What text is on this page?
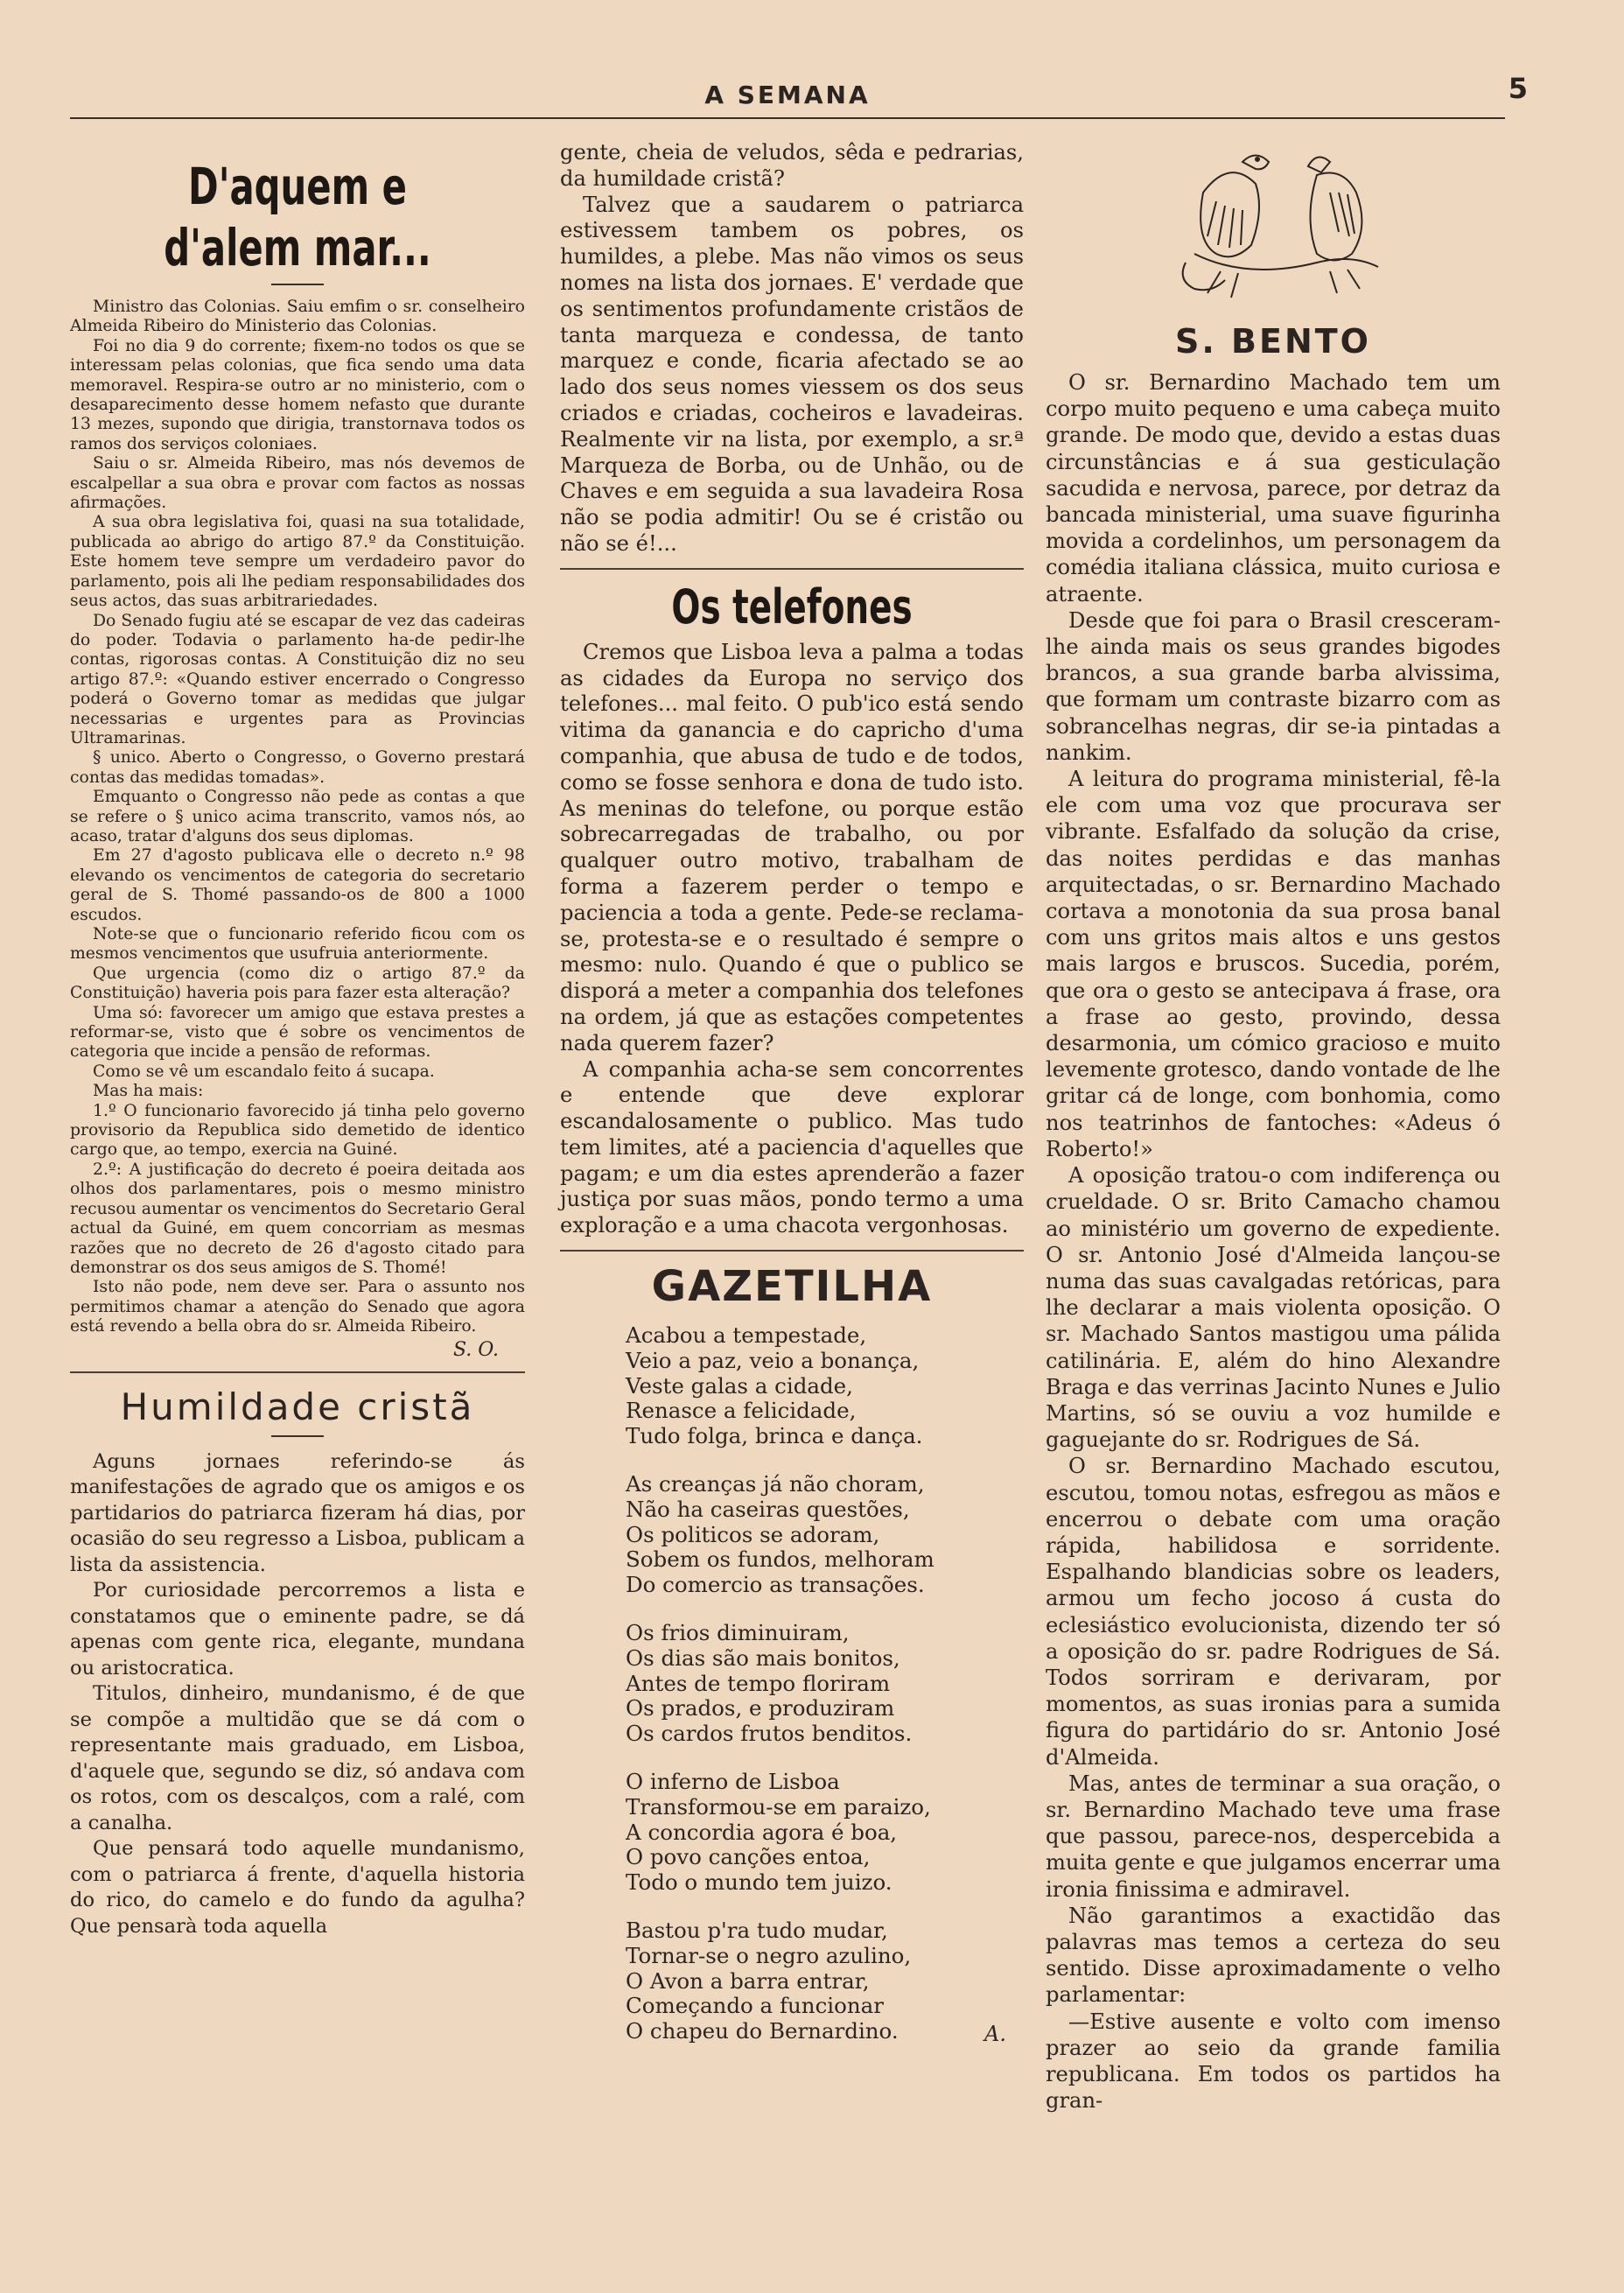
A SEMANA	5
D'aquem e d'alem mar...

Ministro das Colonias. Saiu emfim o sr. conselheiro Almeida Ribeiro do Ministerio das Colonias.

Foi no dia 9 do corrente; fixem-no todos os que se interessam pelas colonias, que fica sendo uma data memoravel. Respira-se outro ar no ministerio, com o desaparecimento desse homem nefasto que durante 13 mezes, supondo que dirigia, transtornava todos os ramos dos serviços coloniaes.

Saiu o sr. Almeida Ribeiro, mas nós devemos de escalpellar a sua obra e provar com factos as nossas afirmações.

A sua obra legislativa foi, quasi na sua totalidade, publicada ao abrigo do artigo 87.º da Constituição. Este homem teve sempre um verdadeiro pavor do parlamento, pois ali lhe pediam responsabilidades dos seus actos, das suas arbitrariedades.

Do Senado fugiu até se escapar de vez das cadeiras do poder. Todavia o parlamento ha-de pedir-lhe contas, rigorosas contas. A Constituição diz no seu artigo 87.º: «Quando estiver encerrado o Congresso poderá o Governo tomar as medidas que julgar necessarias e urgentes para as Provincias Ultramarinas.

§ unico. Aberto o Congresso, o Governo prestará contas das medidas tomadas».

Emquanto o Congresso não pede as contas a que se refere o § unico acima transcrito, vamos nós, ao acaso, tratar d'alguns dos seus diplomas.

Em 27 d'agosto publicava elle o decreto n.º 98 elevando os vencimentos de categoria do secretario geral de S. Thomé passando-os de 800 a 1000 escudos.

Note-se que o funcionario referido ficou com os mesmos vencimentos que usufruia anteriormente.

Que urgencia (como diz o artigo 87.º da Constituição) haveria pois para fazer esta alteração?

Uma só: favorecer um amigo que estava prestes a reformar-se, visto que é sobre os vencimentos de categoria que incide a pensão de reformas.

Como se vê um escandalo feito á sucapa.

Mas ha mais:

1.º O funcionario favorecido já tinha pelo governo provisorio da Republica sido demetido de identico cargo que, ao tempo, exercia na Guiné.

2.º: A justificação do decreto é poeira deitada aos olhos dos parlamentares, pois o mesmo ministro recusou aumentar os vencimentos do Secretario Geral actual da Guiné, em quem concorriam as mesmas razões que no decreto de 26 d'agosto citado para demonstrar os dos seus amigos de S. Thomé!

Isto não pode, nem deve ser. Para o assunto nos permitimos chamar a atenção do Senado que agora está revendo a bella obra do sr. Almeida Ribeiro.

S. O.
Humildade cristã

Aguns jornaes referindo-se ás manifestações de agrado que os amigos e os partidarios do patriarca fizeram há dias, por ocasião do seu regresso a Lisboa, publicam a lista da assistencia.

Por curiosidade percorremos a lista e constatamos que o eminente padre, se dá apenas com gente rica, elegante, mundana ou aristocratica.

Titulos, dinheiro, mundanismo, é de que se compõe a multidão que se dá com o representante mais graduado, em Lisboa, d'aquele que, segundo se diz, só andava com os rotos, com os descalços, com a ralé, com a canalha.

Que pensará todo aquelle mundanismo, com o patriarca á frente, d'aquella historia do rico, do camelo e do fundo da agulha? Que pensarà toda aquella

gente, cheia de veludos, sêda e pedrarias, da humildade cristã?

Talvez que a saudarem o patriarca estivessem tambem os pobres, os humildes, a plebe. Mas não vimos os seus nomes na lista dos jornaes. E' verdade que os sentimentos profundamente cristãos de tanta marqueza e condessa, de tanto marquez e conde, ficaria afectado se ao lado dos seus nomes viessem os dos seus criados e criadas, cocheiros e lavadeiras. Realmente vir na lista, por exemplo, a sr.ª Marqueza de Borba, ou de Unhão, ou de Chaves e em seguida a sua lavadeira Rosa não se podia admitir! Ou se é cristão ou não se é!...

Os telefones

Cremos que Lisboa leva a palma a todas as cidades da Europa no serviço dos telefones... mal feito. O pub'ico está sendo vitima da ganancia e do capricho d'uma companhia, que abusa de tudo e de todos, como se fosse senhora e dona de tudo isto. As meninas do telefone, ou porque estão sobrecarregadas de trabalho, ou por qualquer outro motivo, trabalham de forma a fazerem perder o tempo e paciencia a toda a gente. Pede-se reclama-se, protesta-se e o resultado é sempre o mesmo: nulo. Quando é que o publico se disporá a meter a companhia dos telefones na ordem, já que as estações competentes nada querem fazer?

A companhia acha-se sem concorrentes e entende que deve explorar escandalosamente o publico. Mas tudo tem limites, até a paciencia d'aquelles que pagam; e um dia estes aprenderão a fazer justiça por suas mãos, pondo termo a uma exploração e a uma chacota vergonhosas.

GAZETILHA
Acabou a tempestade,
Veio a paz, veio a bonança,
Veste galas a cidade,
Renasce a felicidade,
Tudo folga, brinca e dança.
As creanças já não choram,
Não ha caseiras questões,
Os politicos se adoram,
Sobem os fundos, melhoram
Do comercio as transações.
Os frios diminuiram,
Os dias são mais bonitos,
Antes de tempo floriram
Os prados, e produziram
Os cardos frutos benditos.
O inferno de Lisboa
Transformou-se em paraizo,
A concordia agora é boa,
O povo canções entoa,
Todo o mundo tem juizo.
Bastou p'ra tudo mudar,
Tornar-se o negro azulino,
O Avon a barra entrar,
Começando a funcionar
O chapeu do Bernardino.	A.
S. BENTO

O sr. Bernardino Machado tem um corpo muito pequeno e uma cabeça muito grande. De modo que, devido a estas duas circunstâncias e á sua gesticulação sacudida e nervosa, parece, por detraz da bancada ministerial, uma suave figurinha movida a cordelinhos, um personagem da comédia italiana clássica, muito curiosa e atraente.

Desde que foi para o Brasil cresceram-lhe ainda mais os seus grandes bigodes brancos, a sua grande barba alvissima, que formam um contraste bizarro com as sobrancelhas negras, dir se-ia pintadas a nankim.

A leitura do programa ministerial, fê-la ele com uma voz que procurava ser vibrante. Esfalfado da solução da crise, das noites perdidas e das manhas arquitectadas, o sr. Bernardino Machado cortava a monotonia da sua prosa banal com uns gritos mais altos e uns gestos mais largos e bruscos. Sucedia, porém, que ora o gesto se antecipava á frase, ora a frase ao gesto, provindo, dessa desarmonia, um cómico gracioso e muito levemente grotesco, dando vontade de lhe gritar cá de longe, com bonhomia, como nos teatrinhos de fantoches: «Adeus ó Roberto!»

A oposição tratou-o com indiferença ou crueldade. O sr. Brito Camacho chamou ao ministério um governo de expediente. O sr. Antonio José d'Almeida lançou-se numa das suas cavalgadas retóricas, para lhe declarar a mais violenta oposição. O sr. Machado Santos mastigou uma pálida catilinária. E, além do hino Alexandre Braga e das verrinas Jacinto Nunes e Julio Martins, só se ouviu a voz humilde e gaguejante do sr. Rodrigues de Sá.

O sr. Bernardino Machado escutou, escutou, tomou notas, esfregou as mãos e encerrou o debate com uma oração rápida, habilidosa e sorridente. Espalhando blandicias sobre os leaders, armou um fecho jocoso á custa do eclesiástico evolucionista, dizendo ter só a oposição do sr. padre Rodrigues de Sá. Todos sorriram e derivaram, por momentos, as suas ironias para a sumida figura do partidário do sr. Antonio José d'Almeida.

Mas, antes de terminar a sua oração, o sr. Bernardino Machado teve uma frase que passou, parece-nos, despercebida a muita gente e que julgamos encerrar uma ironia finissima e admiravel.

Não garantimos a exactidão das palavras mas temos a certeza do seu sentido. Disse aproximadamente o velho parlamentar:

—Estive ausente e volto com imenso prazer ao seio da grande familia republicana. Em todos os partidos ha gran-
